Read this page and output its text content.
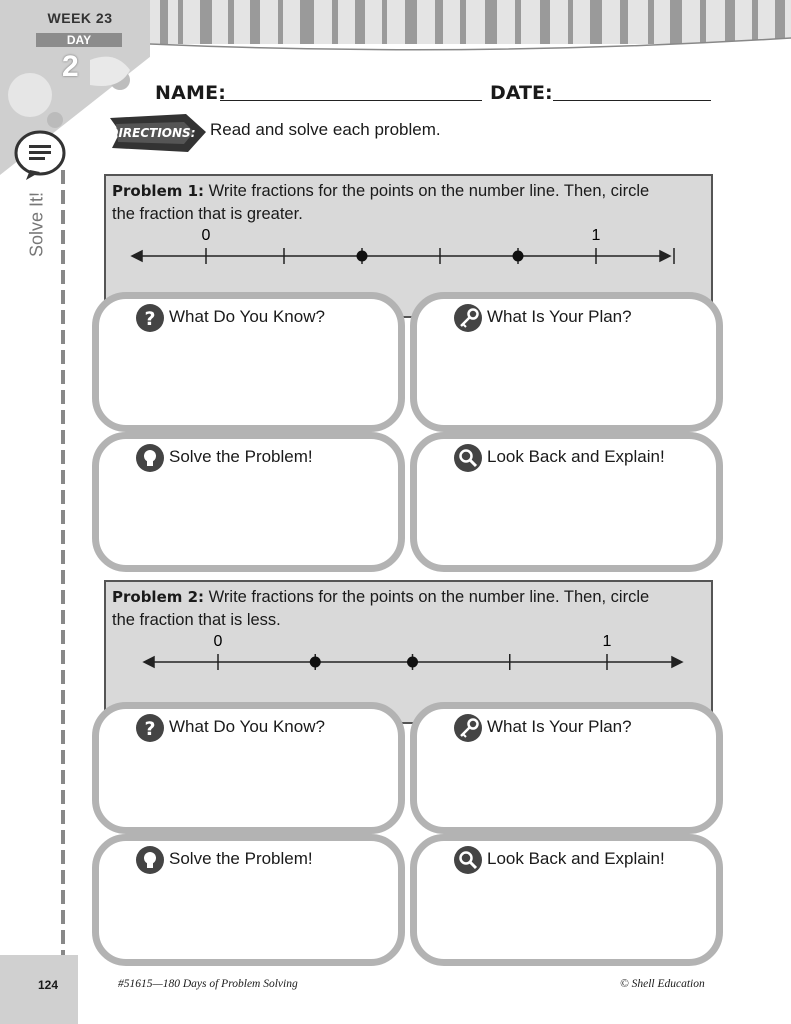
WEEK 23
DAY
2
NAME:	DATE:
DIRECTIONS: Read and solve each problem.
Solve It!
Problem 1: Write fractions for the points on the number line. Then, circle
the fraction that is greater.
0	1
? What Do You Know?	What Is Your Plan?
Solve the Problem!	Look Back and Explain!
Problem 2: Write fractions for the points on the number line. Then, circle
the fraction that is less.
0	1
? What Do You Know?	What Is Your Plan?
Solve the Problem!	Look Back and Explain!
124	#51615—180 Days of Problem Solving	© Shell Education
